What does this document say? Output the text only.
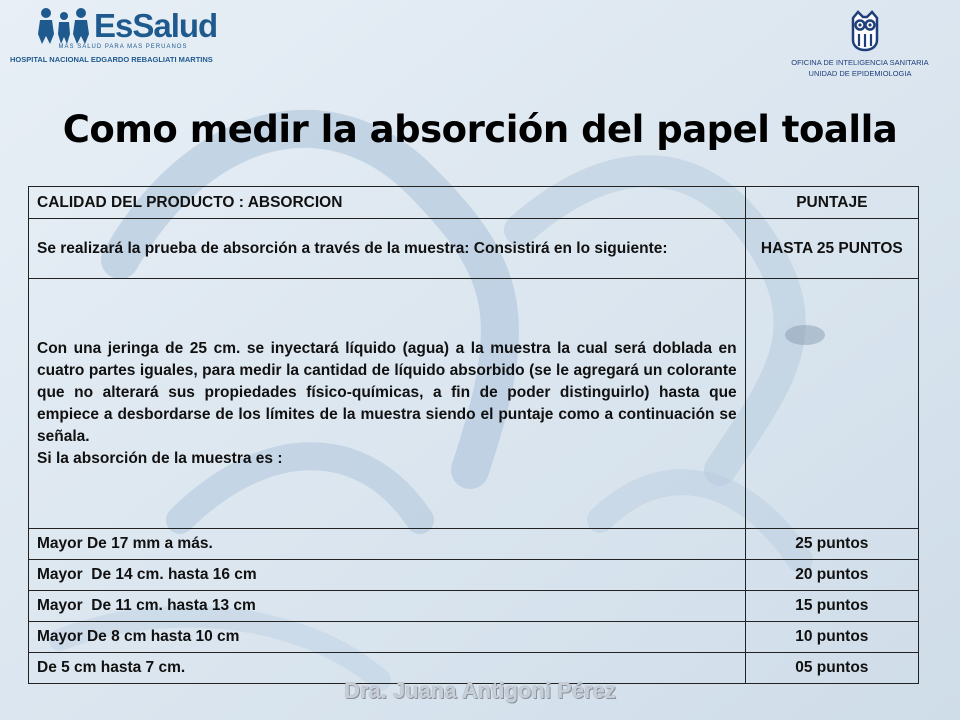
EsSalud
MAS SALUD PARA MAS PERUANOS
HOSPITAL NACIONAL EDGARDO REBAGLIATI MARTINS	OFICINA DE INTELIGENCIA SANITARIA
UNIDAD DE EPIDEMIOLOGIA
Como medir la absorción del papel toalla
CALIDAD DEL PRODUCTO : ABSORCION	PUNTAJE
Se realizará la prueba de absorción a través de la muestra: Consistirá en lo siguiente:	HASTA 25 PUNTOS

Con una jeringa de 25 cm. se inyectará líquido (agua) a la muestra la cual será doblada en cuatro partes iguales, para medir la cantidad de líquido absorbido (se le agregará un colorante que no alterará sus propiedades físico-químicas, a fin de poder distinguirlo) hasta que empiece a desbordarse de los límites de la muestra siendo el puntaje como a continuación se señala.
Si la absorción de la muestra es :	

Mayor De 17 mm a más.	25 puntos
Mayor  De 14 cm. hasta 16 cm	20 puntos
Mayor  De 11 cm. hasta 13 cm	15 puntos
Mayor De 8 cm hasta 10 cm	10 puntos
De 5 cm hasta 7 cm.	05 puntos
Dra. Juana Antigoni Pérez
